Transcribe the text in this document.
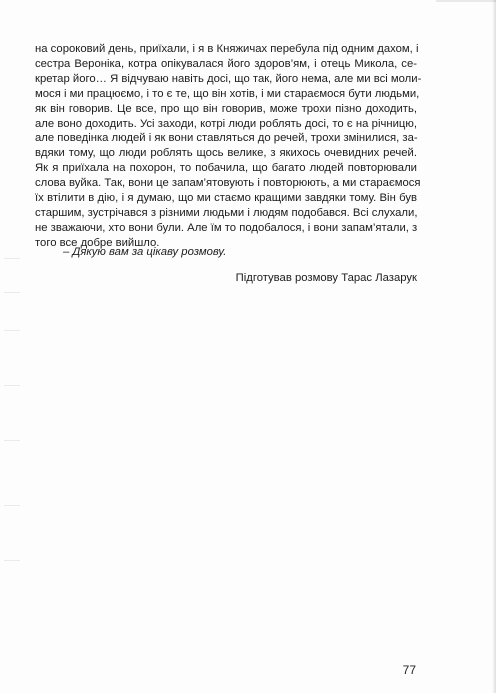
на сороковий день, приїхали, і я в Княжичах перебула під одним дахом, і
сестра Вероніка, котра опікувалася його здоров’ям, і отець Микола, се-
кретар його… Я відчуваю навіть досі, що так, його нема, але ми всі моли-
мося і ми працюємо, і то є те, що він хотів, і ми стараємося бути людьми,
як він говорив. Це все, про що він говорив, може трохи пізно доходить,
але воно доходить. Усі заходи, котрі люди роблять досі, то є на річницю,
але поведінка людей і як вони ставляться до речей, трохи змінилися, за-
вдяки тому, що люди роблять щось велике, з якихось очевидних речей.
Як я приїхала на похорон, то побачила, що багато людей повторювали
слова вуйка. Так, вони це запам’ятовують і повторюють, а ми стараємося
їх втілити в дію, і я думаю, що ми стаємо кращими завдяки тому. Він був
старшим, зустрічався з різними людьми і людям подобався. Всі слухали,
не зважаючи, хто вони були. Але їм то подобалося, і вони запам’ятали, з
того все добре вийшло.

– Дякую вам за цікаву розмову.
Підготував розмову Тарас Лазарук
77
